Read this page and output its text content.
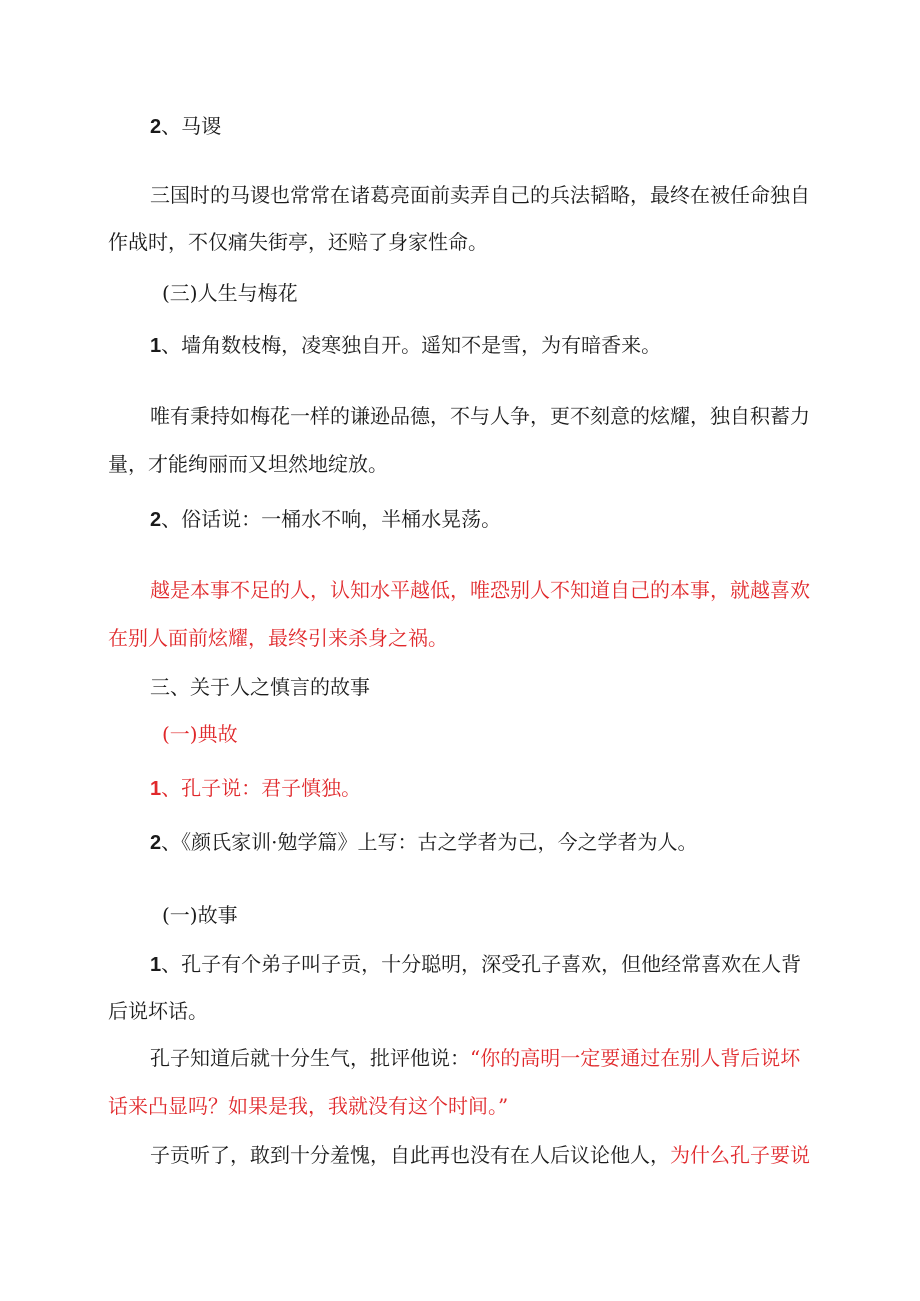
2、马谡
三国时的马谡也常常在诸葛亮面前卖弄自己的兵法韬略，最终在被任命独自
作战时，不仅痛失街亭，还赔了身家性命。
(三)人生与梅花
1、墙角数枝梅，凌寒独自开。遥知不是雪，为有暗香来。
唯有秉持如梅花一样的谦逊品德，不与人争，更不刻意的炫耀，独自积蓄力
量，才能绚丽而又坦然地绽放。
2、俗话说：一桶水不响，半桶水晃荡。
越是本事不足的人，认知水平越低，唯恐别人不知道自己的本事，就越喜欢
在别人面前炫耀，最终引来杀身之祸。
三、关于人之慎言的故事
(一)典故
1、孔子说：君子慎独。
2、《颜氏家训·勉学篇》上写：古之学者为己，今之学者为人。
(一)故事
1、孔子有个弟子叫子贡，十分聪明，深受孔子喜欢，但他经常喜欢在人背
后说坏话。
孔子知道后就十分生气，批评他说：“你的高明一定要通过在别人背后说坏
话来凸显吗？如果是我，我就没有这个时间。”
子贡听了，敢到十分羞愧，自此再也没有在人后议论他人，为什么孔子要说
